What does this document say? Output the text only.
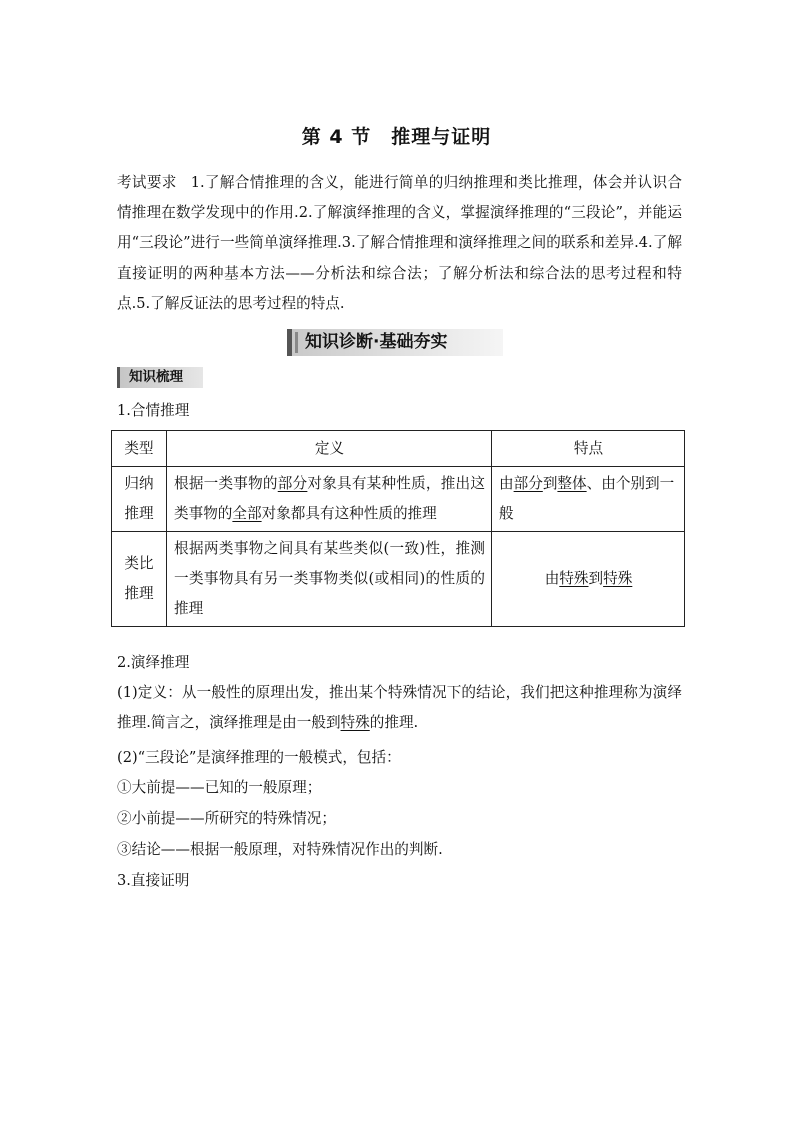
第 4 节　推理与证明
考试要求 1.了解合情推理的含义，能进行简单的归纳推理和类比推理，体会并认识合情推理在数学发现中的作用.2.了解演绎推理的含义，掌握演绎推理的“三段论”，并能运用“三段论”进行一些简单演绎推理.3.了解合情推理和演绎推理之间的联系和差异.4.了解直接证明的两种基本方法——分析法和综合法；了解分析法和综合法的思考过程和特点.5.了解反证法的思考过程的特点.
知识诊断·基础夯实
知识梳理
1.合情推理
类型	定义	特点
归纳推理	根据一类事物的部分对象具有某种性质，推出这类事物的全部对象都具有这种性质的推理	由部分到整体、由个别到一般
类比推理	根据两类事物之间具有某些类似(一致)性，推测一类事物具有另一类事物类似(或相同)的性质的推理	由特殊到特殊
2.演绎推理
(1)定义：从一般性的原理出发，推出某个特殊情况下的结论，我们把这种推理称为演绎推理.简言之，演绎推理是由一般到特殊的推理.
(2)“三段论”是演绎推理的一般模式，包括：
①大前提——已知的一般原理；
②小前提——所研究的特殊情况；
③结论——根据一般原理，对特殊情况作出的判断.
3.直接证明
